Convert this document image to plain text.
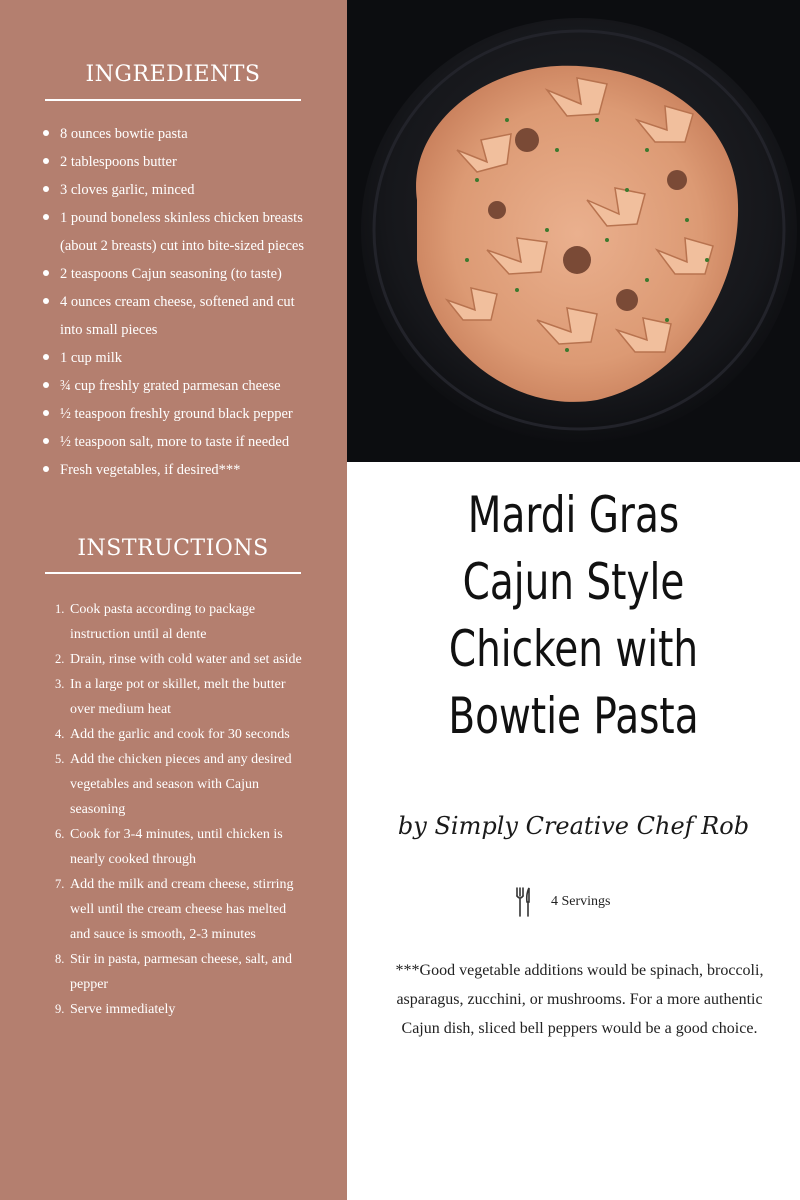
INGREDIENTS
8 ounces bowtie pasta
2 tablespoons butter
3 cloves garlic, minced
1 pound boneless skinless chicken breasts (about 2 breasts) cut into bite-sized pieces
2 teaspoons Cajun seasoning (to taste)
4 ounces cream cheese, softened and cut into small pieces
1 cup milk
¾ cup freshly grated parmesan cheese
½ teaspoon freshly ground black pepper
½ teaspoon salt, more to taste if needed
Fresh vegetables, if desired***
INSTRUCTIONS
1. Cook pasta according to package instruction until al dente
2. Drain, rinse with cold water and set aside
3. In a large pot or skillet, melt the butter over medium heat
4. Add the garlic and cook for 30 seconds
5. Add the chicken pieces and any desired vegetables and season with Cajun seasoning
6. Cook for 3-4 minutes, until chicken is nearly cooked through
7. Add the milk and cream cheese, stirring well until the cream cheese has melted and sauce is smooth, 2-3 minutes
8. Stir in pasta, parmesan cheese, salt, and pepper
9. Serve immediately
Mardi Gras
Cajun Style
Chicken with
Bowtie Pasta
by Simply Creative Chef Rob
4 Servings
***Good vegetable additions would be spinach, broccoli, asparagus, zucchini, or mushrooms. For a more authentic Cajun dish, sliced bell peppers would be a good choice.
